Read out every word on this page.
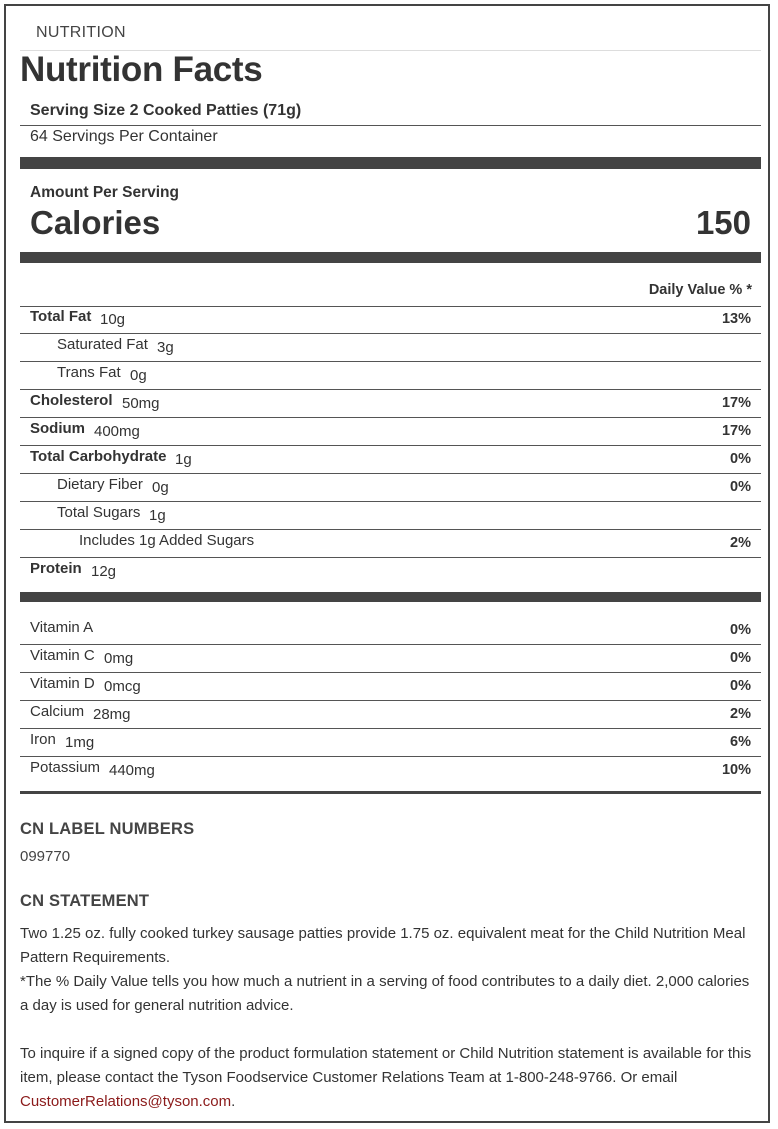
NUTRITION
Nutrition Facts
Serving Size 2 Cooked Patties (71g)
64 Servings Per Container
Amount Per Serving
Calories	150
Daily Value % *
Total Fat 10g	13%
Saturated Fat 3g
Trans Fat 0g
Cholesterol 50mg	17%
Sodium 400mg	17%
Total Carbohydrate 1g	0%
Dietary Fiber 0g	0%
Total Sugars 1g
Includes 1g Added Sugars	2%
Protein 12g
Vitamin A	0%
Vitamin C 0mg	0%
Vitamin D 0mcg	0%
Calcium 28mg	2%
Iron 1mg	6%
Potassium 440mg	10%
CN LABEL NUMBERS
099770
CN STATEMENT

Two 1.25 oz. fully cooked turkey sausage patties provide 1.75 oz. equivalent meat for the Child Nutrition Meal Pattern Requirements.

*The % Daily Value tells you how much a nutrient in a serving of food contributes to a daily diet. 2,000 calories a day is used for general nutrition advice.

To inquire if a signed copy of the product formulation statement or Child Nutrition statement is available for this item, please contact the Tyson Foodservice Customer Relations Team at 1-800-248-9766. Or email CustomerRelations@tyson.com.
